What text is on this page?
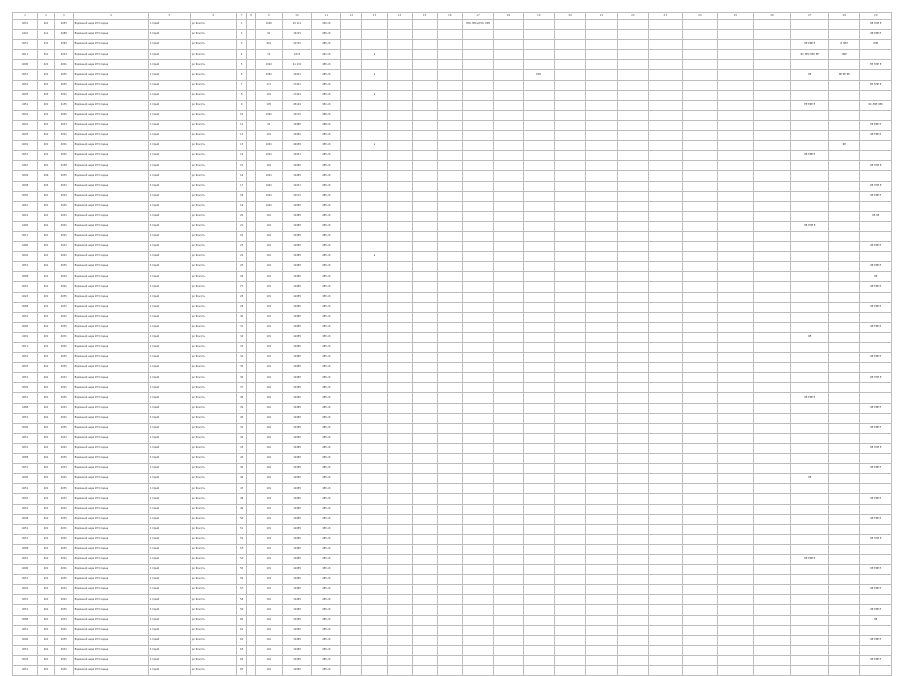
1	2	3	4	5	6	7	8	9	10	11	12	13	14	15	16	17	18	19	20	21	22	23	24	25	26	27	28	29
4051	401	4053	Відмінний нерв 1НЧ Серце	1 Сірий	pn Ясність	1		1000	45 111	450 об						ЯЗС ЛРСЦ ЕСС ЛЯЗ												ЯЕ ПЛЕ Е
4401	411	4289	Відмінний нерв 1НЧ Серце	1 Сірий	pn Ясність	2		91	16745	485 об																		ЯЕ ЕЯЕ Е
4051	431	4263	Відмінний нерв 1НЧ Серце	1 Сірий	pn Ясність	3		961	14745	485 об																ЯЕ ЕЯЕ Е	Б НЕЛ	ЛЯЕ
4011	451	4243	Відмінний нерв 1НЧ Серце	1 Сірий	pn Ясність	4		74	1674	491 об		а														ЯС ЛЕС ЯЕС ЕЕ	ЛЯЕ	
4090	421	4001	Відмінний нерв 1НЧ Серце	1 Сірий	pn Ясність	5		1002	41 101	485 об																		ЕЕ ПЛЕ Е
4051	401	4035	Відмінний нерв 1НЧ Серце	1 Сірий	pn Ясність	6		1081	10401	485 об		а						ЕЯС								ЯЕ	ЯЕ ЯЕ ЯЕ	
4051	401	4035	Відмінний нерв 1НЧ Серце	1 Сірий	pn Ясність	7		171	17401	485 об																		ЕЕ ПЛЕ Е
4005	403	4031	Відмінний нерв 1НЧ Серце	1 Сірий	pn Ясність	8		191	17401	485 об		а																
4451	401	4135	Відмінний нерв 1НЧ Серце	1 Сірий	pn Ясність	9		195	45104	481 об																ЕЕ ЕЯЕ Е		ЯС ЛЯЕ ЯЕС
4042	401	4045	Відмінний нерв 1НЧ Серце	1 Сірий	pn Ясність	10		1091	10115	486 об																		
4091	401	4033	Відмінний нерв 1НЧ Серце	1 Сірий	pn Ясність	11		91	10485	488 об																		ЕЕ ЕЯЕ Е
4045	401	4031	Відмінний нерв 1НЧ Серце	1 Сірий	pn Ясність	12		101	10481	485 об																		ЯЕ ЕЯЕ Е
4001	401	4001	Відмінний нерв 1НЧ Серце	1 Сірий	pn Ясність	13		1001	40458	485 об		а															ЯЕ	
4051	401	4001	Відмінний нерв 1НЧ Серце	1 Сірий	pn Ясність	14		1001	10451	485 об																ЯЕ ЕЯЕ Е		
4467	401	4258	Відмінний нерв 1НЧ Серце	1 Сірий	pn Ясність	15		191	10485	485 об																		ЯЕ ПЛЕ Е
4009	409	4035	Відмінний нерв 1НЧ Серце	1 Сірий	pn Ясність	16		1001	10485	485 об																		
4008	403	4031	Відмінний нерв 1НЧ Серце	1 Сірий	pn Ясність	17		1001	10451	485 об																		ЯЕ ПЛЕ Е
4050	401	4003	Відмінний нерв 1НЧ Серце	1 Сірий	pn Ясність	18		1001	10115	485 об																		ЯЕ ЕЯЕ Е
4061	401	4035	Відмінний нерв 1НЧ Серце	1 Сірий	pn Ясність	19		1001	10485	485 об																		
4010	401	4031	Відмінний нерв 1НЧ Серце	1 Сірий	pn Ясність	20		191	10485	485 об																		ЯЕ ЯЕ
4400	401	4001	Відмінний нерв 1НЧ Серце	1 Сірий	pn Ясність	21		191	10485	485 об																ЯЕ ПЛЕ Е		
4011	401	4001	Відмінний нерв 1НЧ Серце	1 Сірий	pn Ясність	22		191	10485	485 об																		
4480	401	4031	Відмінний нерв 1НЧ Серце	1 Сірий	pn Ясність	23		191	10485	485 об																		ЯЕ ЕЯЕ Е
4040	401	4001	Відмінний нерв 1НЧ Серце	1 Сірий	pn Ясність	24		191	10485	485 об		а																
4051	401	4035	Відмінний нерв 1НЧ Серце	1 Сірий	pn Ясність	25		191	10485	485 об																		ЯЕ ЕЯЕ Е
4088	401	4003	Відмінний нерв 1НЧ Серце	1 Сірий	pn Ясність	26		191	10485	485 об																		ЯЕ
4051	401	4001	Відмінний нерв 1НЧ Серце	1 Сірий	pn Ясність	27		191	10485	485 об																		ЯЕ ЕЯЕ Е
4024	401	4035	Відмінний нерв 1НЧ Серце	1 Сірий	pn Ясність	28		191	10485	485 об																		
4088	401	4031	Відмінний нерв 1НЧ Серце	1 Сірий	pn Ясність	29		191	10485	485 об																		ЯЕ ЕЯЕ Е
4051	401	4001	Відмінний нерв 1НЧ Серце	1 Сірий	pn Ясність	30		191	10485	485 об																		
4090	401	4035	Відмінний нерв 1НЧ Серце	1 Сірий	pn Ясність	31		191	10485	485 об																		ЯЕ ЕЯЕ Е
4401	401	4031	Відмінний нерв 1НЧ Серце	1 Сірий	pn Ясність	32		191	10485	485 об																ЯЕ		
4011	401	4001	Відмінний нерв 1НЧ Серце	1 Сірий	pn Ясність	33		191	10485	485 об																		
4051	401	4035	Відмінний нерв 1НЧ Серце	1 Сірий	pn Ясність	34		191	10485	485 об																		ЯЕ ЕЯЕ Е
4003	401	4035	Відмінний нерв 1НЧ Серце	1 Сірий	pn Ясність	35		191	10485	485 об																		
4051	401	4031	Відмінний нерв 1НЧ Серце	1 Сірий	pn Ясність	36		191	10485	485 об																		ЯЕ ПЛЕ Е
4020	401	4001	Відмінний нерв 1НЧ Серце	1 Сірий	pn Ясність	37		191	10485	485 об																		
4051	401	4035	Відмінний нерв 1НЧ Серце	1 Сірий	pn Ясність	38		191	10485	485 об																ЯЕ ЕЯЕ Е		
4488	401	4031	Відмінний нерв 1НЧ Серце	1 Сірий	pn Ясність	39		191	10485	485 об																		ЯЕ ЕЯЕ Е
4051	401	4001	Відмінний нерв 1НЧ Серце	1 Сірий	pn Ясність	40		191	10485	485 об																		
4000	401	4035	Відмінний нерв 1НЧ Серце	1 Сірий	pn Ясність	41		191	10485	485 об																		ЯЕ ЕЯЕ Е
4051	401	4031	Відмінний нерв 1НЧ Серце	1 Сірий	pn Ясність	42		191	10485	485 об																		
4051	401	4001	Відмінний нерв 1НЧ Серце	1 Сірий	pn Ясність	43		191	10485	485 об																		ЯЕ ПЛЕ Е
4088	401	4035	Відмінний нерв 1НЧ Серце	1 Сірий	pn Ясність	44		191	10485	485 об																		
4051	401	4031	Відмінний нерв 1НЧ Серце	1 Сірий	pn Ясність	45		191	10485	485 об																		ЯЕ ЕЯЕ Е
4090	401	4001	Відмінний нерв 1НЧ Серце	1 Сірий	pn Ясність	46		191	10485	485 об																ЯЕ		
4051	401	4035	Відмінний нерв 1НЧ Серце	1 Сірий	pn Ясність	47		191	10485	485 об																		
4003	401	4031	Відмінний нерв 1НЧ Серце	1 Сірий	pn Ясність	48		191	10485	485 об																		ЯЕ ЕЯЕ Е
4051	401	4001	Відмінний нерв 1НЧ Серце	1 Сірий	pn Ясність	49		191	10485	485 об																		
4046	401	4035	Відмінний нерв 1НЧ Серце	1 Сірий	pn Ясність	50		191	10485	485 об																		ЯЕ ЕЯЕ Е
4051	401	4031	Відмінний нерв 1НЧ Серце	1 Сірий	pn Ясність	51		191	10485	485 об																		
4051	401	4001	Відмінний нерв 1НЧ Серце	1 Сірий	pn Ясність	52		191	10485	485 об																		ЯЕ ПЛЕ Е
4088	401	4035	Відмінний нерв 1НЧ Серце	1 Сірий	pn Ясність	53		191	10485	485 об																		
4051	401	4031	Відмінний нерв 1НЧ Серце	1 Сірий	pn Ясність	54		191	10485	485 об																ЯЕ ЕЯЕ Е		
4090	401	4001	Відмінний нерв 1НЧ Серце	1 Сірий	pn Ясність	55		191	10485	485 об																		ЯЕ ЕЯЕ Е
4051	401	4035	Відмінний нерв 1НЧ Серце	1 Сірий	pn Ясність	56		191	10485	485 об																		
4003	401	4031	Відмінний нерв 1НЧ Серце	1 Сірий	pn Ясність	57		191	10485	485 об																		ЯЕ ЕЯЕ Е
4051	401	4001	Відмінний нерв 1НЧ Серце	1 Сірий	pn Ясність	58		191	10485	485 об																		
4051	401	4035	Відмінний нерв 1НЧ Серце	1 Сірий	pn Ясність	59		191	10485	485 об																		ЯЕ ЕЯЕ Е
4088	401	4031	Відмінний нерв 1НЧ Серце	1 Сірий	pn Ясність	60		191	10485	485 об																		ЯЕ
4051	401	4001	Відмінний нерв 1НЧ Серце	1 Сірий	pn Ясність	61		191	10485	485 об																		
4090	401	4035	Відмінний нерв 1НЧ Серце	1 Сірий	pn Ясність	62		191	10485	485 об																		ЯЕ ЕЯЕ Е
4051	401	4031	Відмінний нерв 1НЧ Серце	1 Сірий	pn Ясність	63		191	10485	485 об																		
4003	401	4001	Відмінний нерв 1НЧ Серце	1 Сірий	pn Ясність	64		191	10485	485 об																		ЯЕ ЕЯЕ Е
4051	401	4035	Відмінний нерв 1НЧ Серце	1 Сірий	pn Ясність	65		191	10485	485 об																		
